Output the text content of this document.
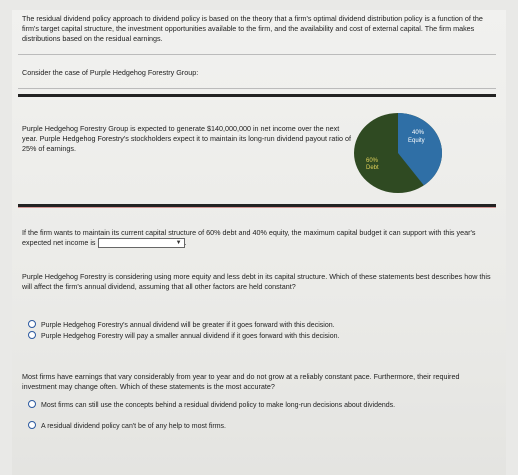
The residual dividend policy approach to dividend policy is based on the theory that a firm's optimal dividend distribution policy is a function of the firm's target capital structure, the investment opportunities available to the firm, and the availability and cost of external capital. The firm makes distributions based on the residual earnings.
Consider the case of Purple Hedgehog Forestry Group:
Purple Hedgehog Forestry Group is expected to generate $140,000,000 in net income over the next year. Purple Hedgehog Forestry's stockholders expect it to maintain its long-run dividend payout ratio of 25% of earnings.
40%
Equity
60%
Debt
If the firm wants to maintain its current capital structure of 60% debt and 40% equity, the maximum capital budget it can support with this year's expected net income is	▼ .
Purple Hedgehog Forestry is considering using more equity and less debt in its capital structure. Which of these statements best describes how this will affect the firm's annual dividend, assuming that all other factors are held constant?
Purple Hedgehog Forestry's annual dividend will be greater if it goes forward with this decision.
Purple Hedgehog Forestry will pay a smaller annual dividend if it goes forward with this decision.
Most firms have earnings that vary considerably from year to year and do not grow at a reliably constant pace. Furthermore, their required investment may change often. Which of these statements is the most accurate?
Most firms can still use the concepts behind a residual dividend policy to make long-run decisions about dividends.
A residual dividend policy can't be of any help to most firms.
